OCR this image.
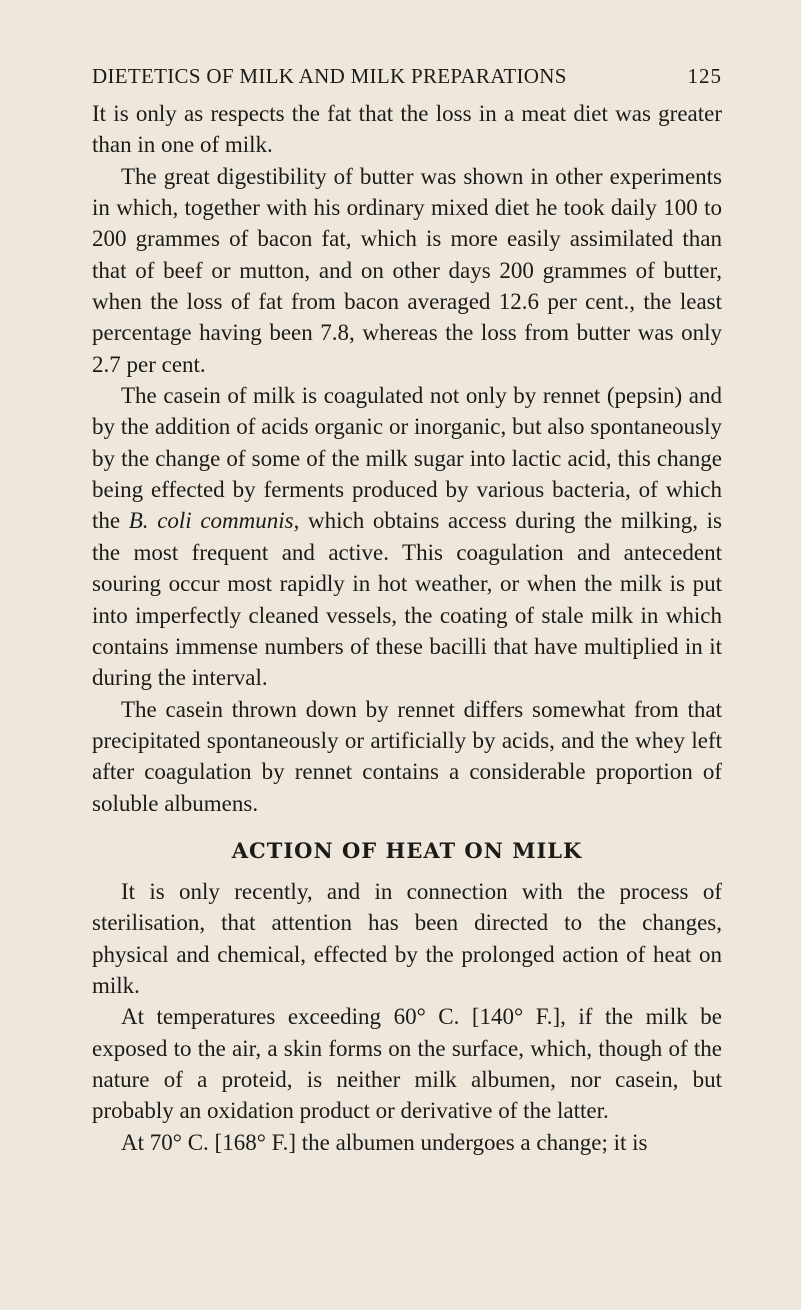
DIETETICS OF MILK AND MILK PREPARATIONS	125

It is only as respects the fat that the loss in a meat diet was greater than in one of milk.

The great digestibility of butter was shown in other experiments in which, together with his ordinary mixed diet he took daily 100 to 200 grammes of bacon fat, which is more easily assimilated than that of beef or mutton, and on other days 200 grammes of butter, when the loss of fat from bacon averaged 12.6 per cent., the least percentage having been 7.8, whereas the loss from butter was only 2.7 per cent.

The casein of milk is coagulated not only by rennet (pepsin) and by the addition of acids organic or inorganic, but also spontaneously by the change of some of the milk sugar into lactic acid, this change being effected by ferments produced by various bacteria, of which the B. coli communis, which obtains access during the milking, is the most frequent and active. This coagulation and antecedent souring occur most rapidly in hot weather, or when the milk is put into imperfectly cleaned vessels, the coating of stale milk in which contains immense numbers of these bacilli that have multiplied in it during the interval.

The casein thrown down by rennet differs somewhat from that precipitated spontaneously or artificially by acids, and the whey left after coagulation by rennet contains a considerable proportion of soluble albumens.

ACTION OF HEAT ON MILK

It is only recently, and in connection with the process of sterilisation, that attention has been directed to the changes, physical and chemical, effected by the prolonged action of heat on milk.

At temperatures exceeding 60° C. [140° F.], if the milk be exposed to the air, a skin forms on the surface, which, though of the nature of a proteid, is neither milk albumen, nor casein, but probably an oxidation product or derivative of the latter.

At 70° C. [168° F.] the albumen undergoes a change; it is
